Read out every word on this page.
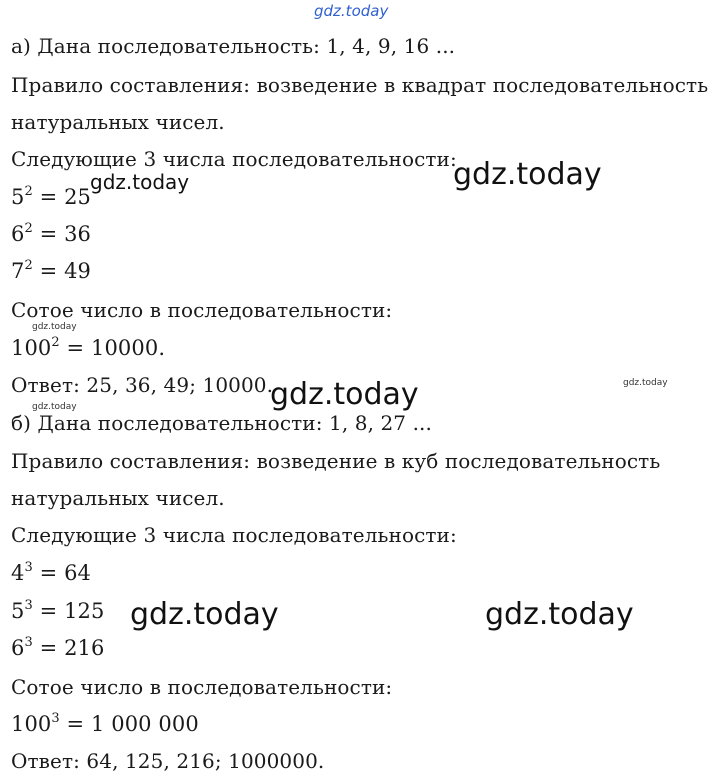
gdz.today
gdz.today	gdz.today
gdz.today
gdz.today	gdz.today
gdz.today
gdz.today	gdz.today
а) Дана последовательность: 1, 4, 9, 16 ...
Правило составления: возведение в квадрат последовательность
натуральных чисел.
Следующие 3 числа последовательности:
$5^2 = 25$
$6^2 = 36$
$7^2 = 49$
Сотое число в последовательности:
$100^2 = 10000$.
Ответ: 25, 36, 49; 10000.
б) Дана последовательности: 1, 8, 27 ...
Правило составления: возведение в куб последовательность
натуральных чисел.
Следующие 3 числа последовательности:
$4^3 = 64$
$5^3 = 125$
$6^3 = 216$
Сотое число в последовательности:
$100^3 = 1$ 000 000
Ответ: 64, 125, 216; 1000000.
